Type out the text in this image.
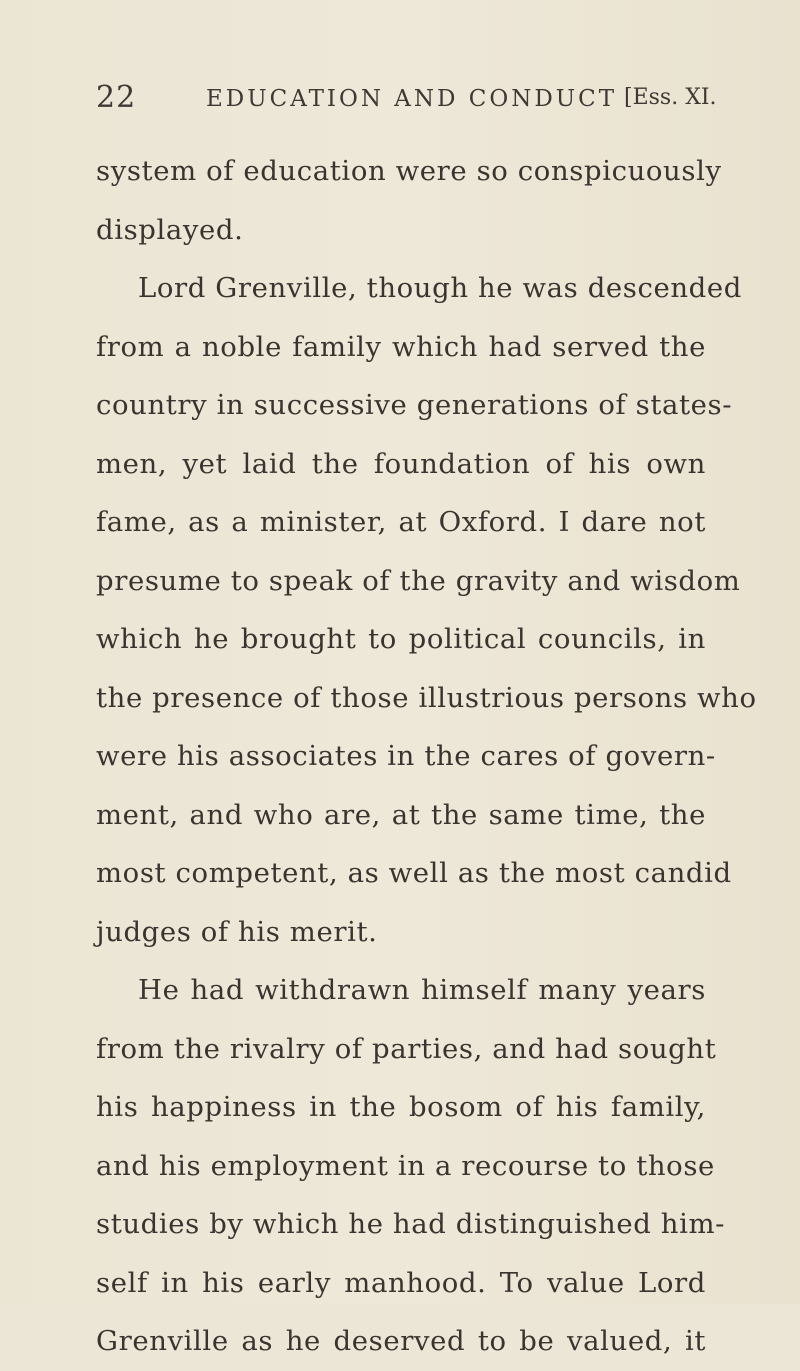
22	EDUCATION AND CONDUCT [Ess. XI.
system of education were so conspicuously
displayed.
Lord Grenville, though he was descended
from a noble family which had served the
country in successive generations of states-
men, yet laid the foundation of his own
fame, as a minister, at Oxford. I dare not
presume to speak of the gravity and wisdom
which he brought to political councils, in
the presence of those illustrious persons who
were his associates in the cares of govern-
ment, and who are, at the same time, the
most competent, as well as the most candid
judges of his merit.
He had withdrawn himself many years
from the rivalry of parties, and had sought
his happiness in the bosom of his family,
and his employment in a recourse to those
studies by which he had distinguished him-
self in his early manhood. To value Lord
Grenville as he deserved to be valued, it
